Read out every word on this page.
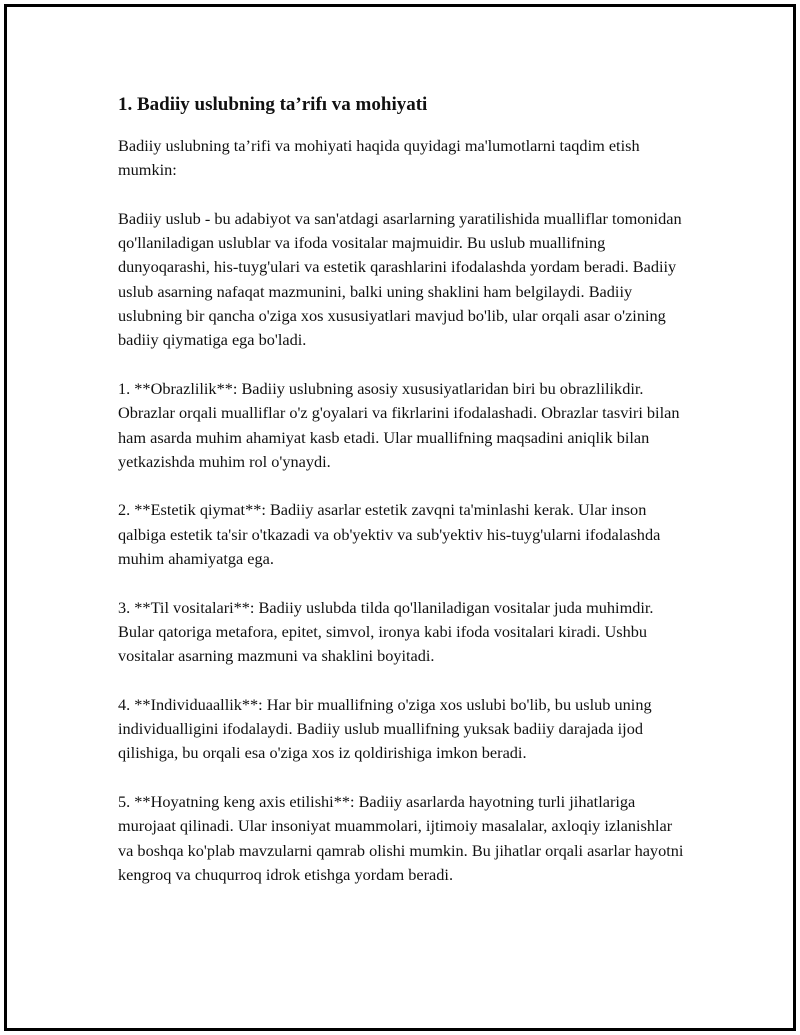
1. Badiiy uslubning ta’rifı va mohiyati

Badiiy uslubning ta’rifi va mohiyati haqida quyidagi ma'lumotlarni taqdim etish mumkin:

Badiiy uslub - bu adabiyot va san'atdagi asarlarning yaratilishida mualliflar tomonidan qo'llaniladigan uslublar va ifoda vositalar majmuidir. Bu uslub muallifning dunyoqarashi, his-tuyg'ulari va estetik qarashlarini ifodalashda yordam beradi. Badiiy uslub asarning nafaqat mazmunini, balki uning shaklini ham belgilaydi. Badiiy uslubning bir qancha o'ziga xos xususiyatlari mavjud bo'lib, ular orqali asar o'zining badiiy qiymatiga ega bo'ladi.

1. **Obrazlilik**: Badiiy uslubning asosiy xususiyatlaridan biri bu obrazlilikdir. Obrazlar orqali mualliflar o'z g'oyalari va fikrlarini ifodalashadi. Obrazlar tasviri bilan ham asarda muhim ahamiyat kasb etadi. Ular muallifning maqsadini aniqlik bilan yetkazishda muhim rol o'ynaydi.

2. **Estetik qiymat**: Badiiy asarlar estetik zavqni ta'minlashi kerak. Ular inson qalbiga estetik ta'sir o'tkazadi va ob'yektiv va sub'yektiv his-tuyg'ularni ifodalashda muhim ahamiyatga ega.

3. **Til vositalari**: Badiiy uslubda tilda qo'llaniladigan vositalar juda muhimdir. Bular qatoriga metafora, epitet, simvol, ironya kabi ifoda vositalari kiradi. Ushbu vositalar asarning mazmuni va shaklini boyitadi.

4. **Individuaallik**: Har bir muallifning o'ziga xos uslubi bo'lib, bu uslub uning individualligini ifodalaydi. Badiiy uslub muallifning yuksak badiiy darajada ijod qilishiga, bu orqali esa o'ziga xos iz qoldirishiga imkon beradi.

5. **Hoyatning keng axis etilishi**: Badiiy asarlarda hayotning turli jihatlariga murojaat qilinadi. Ular insoniyat muammolari, ijtimoiy masalalar, axloqiy izlanishlar va boshqa ko'plab mavzularni qamrab olishi mumkin. Bu jihatlar orqali asarlar hayotni kengroq va chuqurroq idrok etishga yordam beradi.
